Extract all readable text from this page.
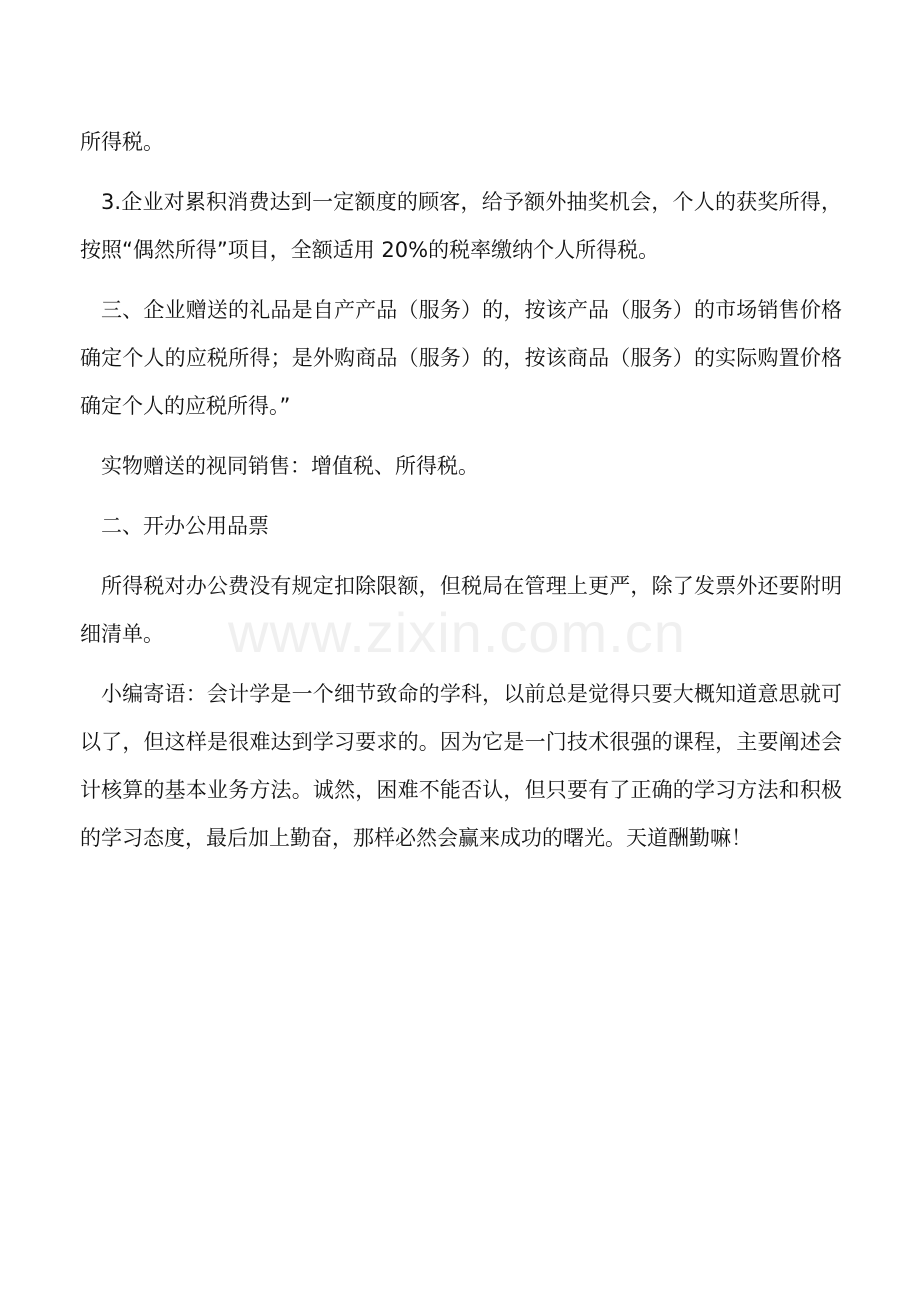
所得税。

3.企业对累积消费达到一定额度的顾客，给予额外抽奖机会，个人的获奖所得，按照“偶然所得”项目，全额适用 20%的税率缴纳个人所得税。

三、企业赠送的礼品是自产产品（服务）的，按该产品（服务）的市场销售价格确定个人的应税所得；是外购商品（服务）的，按该商品（服务）的实际购置价格确定个人的应税所得。”

实物赠送的视同销售：增值税、所得税。

二、开办公用品票

所得税对办公费没有规定扣除限额，但税局在管理上更严，除了发票外还要附明细清单。

小编寄语：会计学是一个细节致命的学科，以前总是觉得只要大概知道意思就可以了，但这样是很难达到学习要求的。因为它是一门技术很强的课程，主要阐述会计核算的基本业务方法。诚然，困难不能否认，但只要有了正确的学习方法和积极的学习态度，最后加上勤奋，那样必然会赢来成功的曙光。天道酬勤嘛！

www.zixin.com.cn
